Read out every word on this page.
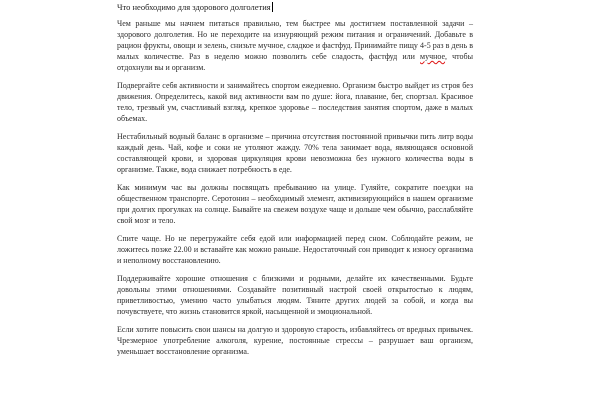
Что необходимо для здорового долголетия

Чем раньше мы начнем питаться правильно, тем быстрее мы достигнем поставленной задачи – здорового долголетия. Но не переходите на изнуряющий режим питания и ограничений. Добавьте в рацион фрукты, овощи и зелень, снизьте мучное, сладкое и фастфуд. Принимайте пищу 4-5 раз в день в малых количестве. Раз в неделю можно позволить себе сладость, фастфуд или мучное, чтобы отдохнули вы и организм.

Подвергайте себя активности и занимайтесь спортом ежедневно. Организм быстро выйдет из строя без движения. Определитесь, какой вид активности вам по душе: йога, плавание, бег, спортзал. Красивое тело, трезвый ум, счастливый взгляд, крепкое здоровье – последствия занятия спортом, даже в малых объемах.

Нестабильный водный баланс в организме – причина отсутствия постоянной привычки пить литр воды каждый день. Чай, кофе и соки не утоляют жажду. 70% тела занимает вода, являющаяся основной составляющей крови, и здоровая циркуляция крови невозможна без нужного количества воды в организме. Также, вода снижает потребность в еде.

Как минимум час вы должны посвящать пребыванию на улице. Гуляйте, сократите поездки на общественном транспорте. Серотонин – необходимый элемент, активизирующийся в нашем организме при долгих прогулках на солнце. Бывайте на свежем воздухе чаще и дольше чем обычно, расслабляйте свой мозг и тело.

Спите чаще. Но не перегружайте себя едой или информацией перед сном. Соблюдайте режим, не ложитесь позже 22.00 и вставайте как можно раньше. Недостаточный сон приводит к износу организма и неполному восстановлению.

Поддерживайте хорошие отношения с близкими и родными, делайте их качественными. Будьте довольны этими отношениями. Создавайте позитивный настрой своей открытостью к людям, приветливостью, умению часто улыбаться людям. Тяните других людей за собой, и когда вы почувствуете, что жизнь становится яркой, насыщенной и эмоциональной.

Если хотите повысить свои шансы на долгую и здоровую старость, избавляйтесь от вредных привычек. Чрезмерное употребление алкоголя, курение, постоянные стрессы – разрушает ваш организм, уменьшает восстановление организма.
